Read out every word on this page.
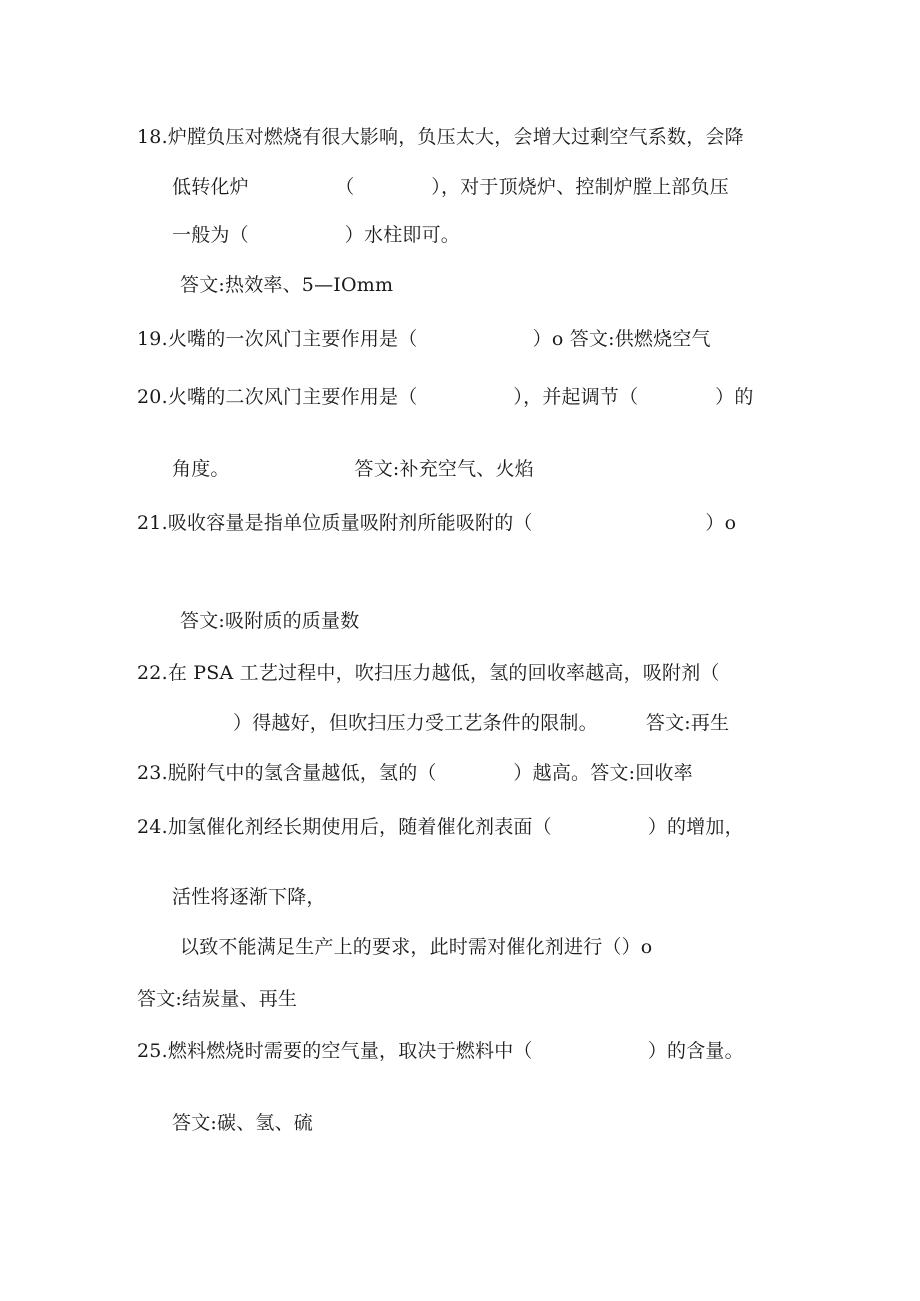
18.炉膛负压对燃烧有很大影响，负压太大，会增大过剩空气系数，会降
低转化炉　　　　　（　　　　），对于顶烧炉、控制炉膛上部负压
一般为（　　　　　）水柱即可。
答文:热效率、5—IOmm
19.火嘴的一次风门主要作用是（　　　　　　）o 答文:供燃烧空气
20.火嘴的二次风门主要作用是（　　　　　），并起调节（　　　　）的
角度。　　　　　　　答文:补充空气、火焰
21.吸收容量是指单位质量吸附剂所能吸附的（　　　　　　　　　）o
答文:吸附质的质量数
22.在 PSA 工艺过程中，吹扫压力越低，氢的回收率越高，吸附剂（
）得越好，但吹扫压力受工艺条件的限制。　　　答文:再生
23.脱附气中的氢含量越低，氢的（　　　　）越高。答文:回收率
24.加氢催化剂经长期使用后，随着催化剂表面（　　　　　）的增加，
活性将逐渐下降，
以致不能满足生产上的要求，此时需对催化剂进行（）o
答文:结炭量、再生
25.燃料燃烧时需要的空气量，取决于燃料中（　　　　　　）的含量。
答文:碳、氢、硫
